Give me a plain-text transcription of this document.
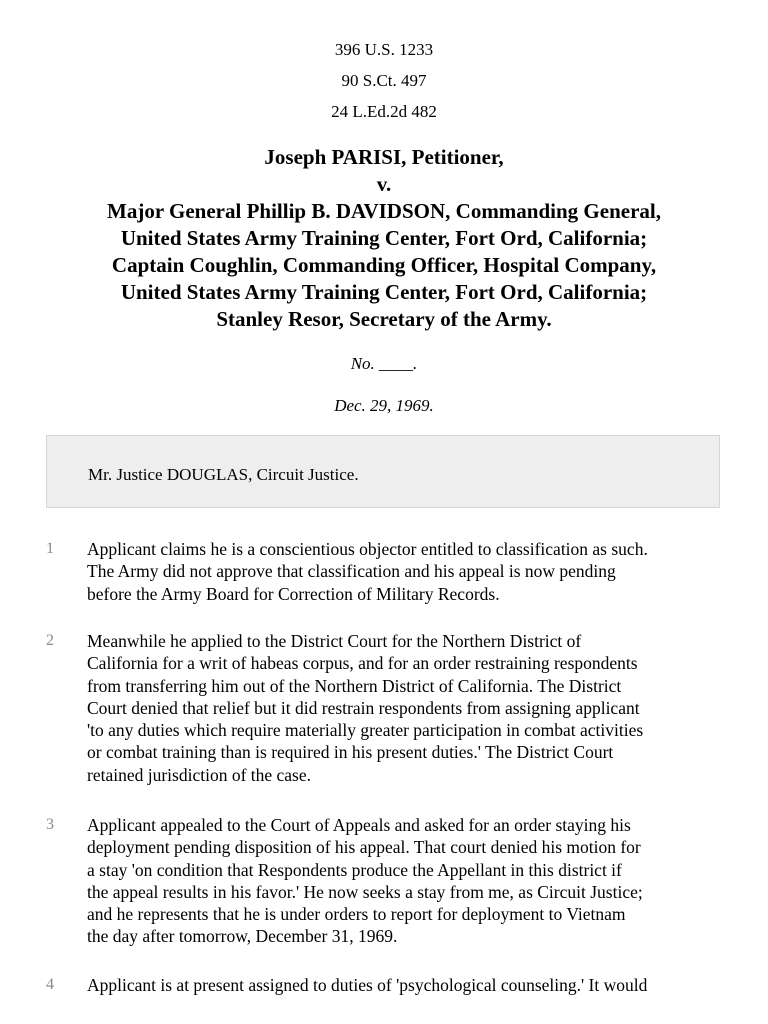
396 U.S. 1233
90 S.Ct. 497
24 L.Ed.2d 482
Joseph PARISI, Petitioner,
v.
Major General Phillip B. DAVIDSON, Commanding General,
United States Army Training Center, Fort Ord, California;
Captain Coughlin, Commanding Officer, Hospital Company,
United States Army Training Center, Fort Ord, California;
Stanley Resor, Secretary of the Army.
No. ____.
Dec. 29, 1969.
Mr. Justice DOUGLAS, Circuit Justice.
1 Applicant claims he is a conscientious objector entitled to classification as such.
The Army did not approve that classification and his appeal is now pending
before the Army Board for Correction of Military Records.
2 Meanwhile he applied to the District Court for the Northern District of
California for a writ of habeas corpus, and for an order restraining respondents
from transferring him out of the Northern District of California. The District
Court denied that relief but it did restrain respondents from assigning applicant
'to any duties which require materially greater participation in combat activities
or combat training than is required in his present duties.' The District Court
retained jurisdiction of the case.
3 Applicant appealed to the Court of Appeals and asked for an order staying his
deployment pending disposition of his appeal. That court denied his motion for
a stay 'on condition that Respondents produce the Appellant in this district if
the appeal results in his favor.' He now seeks a stay from me, as Circuit Justice;
and he represents that he is under orders to report for deployment to Vietnam
the day after tomorrow, December 31, 1969.
4 Applicant is at present assigned to duties of 'psychological counseling.' It would
